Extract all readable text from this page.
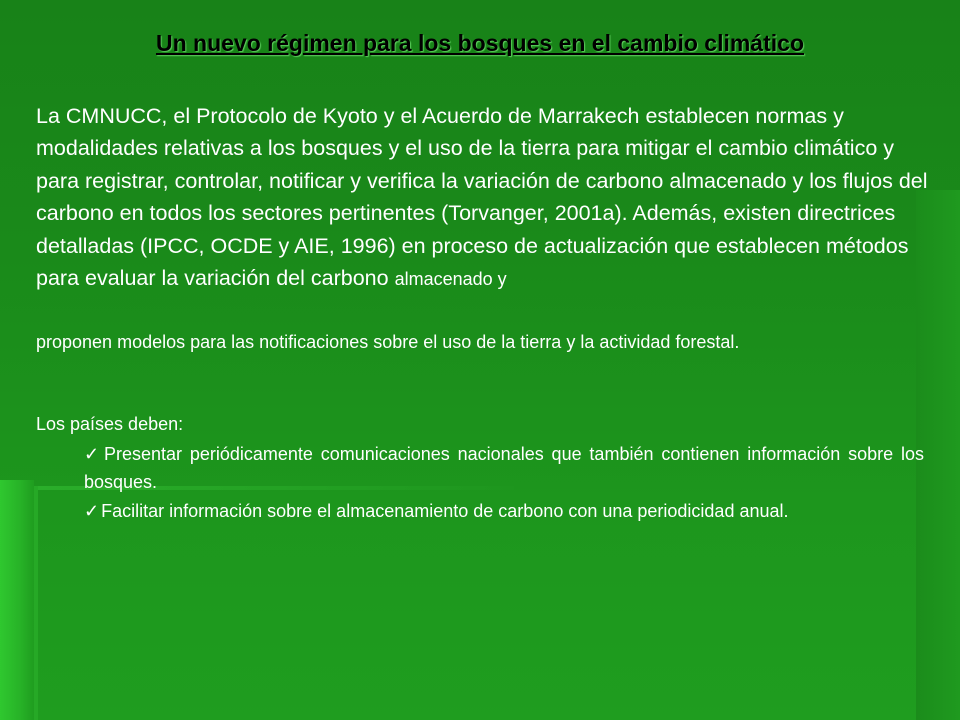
Un nuevo régimen para los bosques en el cambio climático

La CMNUCC, el Protocolo de Kyoto y el Acuerdo de Marrakech establecen normas y modalidades relativas a los bosques y el uso de la tierra para mitigar el cambio climático y para registrar, controlar, notificar y verifica la variación de carbono almacenado y los flujos del carbono en todos los sectores pertinentes (Torvanger, 2001a). Además, existen directrices detalladas (IPCC, OCDE y AIE, 1996) en proceso de actualización que establecen métodos para evaluar la variación del carbono almacenado y

proponen modelos para las notificaciones sobre el uso de la tierra y la actividad forestal.

Los países deben:

✓ Presentar periódicamente comunicaciones nacionales que también contienen información sobre los bosques.

✓ Facilitar información sobre el almacenamiento de carbono con una periodicidad anual.
